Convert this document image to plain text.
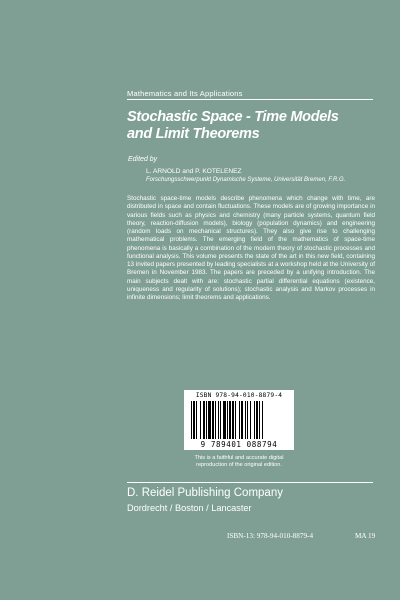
Mathematics and Its Applications
Stochastic Space - Time Models
and Limit Theorems
Edited by
L. ARNOLD and P. KOTELENEZ
Forschungsschwerpunkt Dynamische Systeme, Universität Bremen, F.R.G.

Stochastic space-time models describe phenomena which change with time, are distributed in space and contain fluctuations. These models are of growing importance in various fields such as physics and chemistry (many particle systems, quantum field theory, reaction-diffusion models), biology (population dynamics) and engineering (random loads on mechanical structures). They also give rise to challenging mathematical problems. The emerging field of the mathematics of space-time phenomena is basically a combination of the modern theory of stochastic processes and functional analysis. This volume presents the state of the art in this new field, containing 13 invited papers presented by leading specialists at a workshop held at the University of Bremen in November 1983. The papers are preceded by a unifying introduction. The main subjects dealt with are: stochastic partial differential equations (existence, uniqueness and regularity of solutions); stochastic analysis and Markov processes in infinite dimensions; limit theorems and applications.

ISBN 978-94-010-8879-4
9 789401 088794
This is a faithful and accurate digital
reproduction of the original edition.
D. Reidel Publishing Company
Dordrecht / Boston / Lancaster
ISBN-13: 978-94-010-8879-4	MA 19
